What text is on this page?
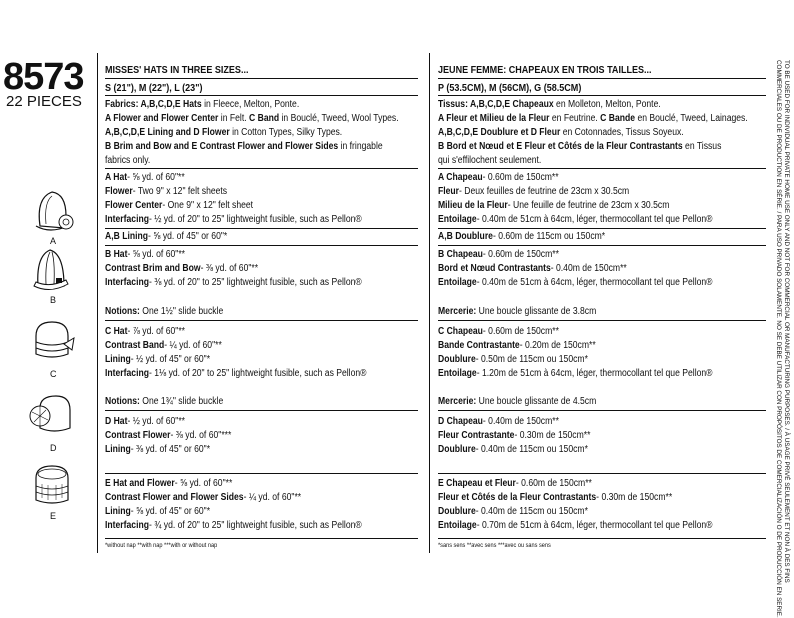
8573
22 PIECES
A
B
C
D
E
MISSES' HATS IN THREE SIZES...
S (21"), M (22"), L (23")
Fabrics: A,B,C,D,E Hats in Fleece, Melton, Ponte.
A Flower and Flower Center in Felt. C Band in Bouclé, Tweed, Wool Types.
A,B,C,D,E Lining and D Flower in Cotton Types, Silky Types.
B Brim and Bow and E Contrast Flower and Flower Sides in fringable
fabrics only.
A Hat- ⅝ yd. of 60"**
Flower- Two 9" x 12" felt sheets
Flower Center- One 9" x 12" felt sheet
Interfacing- ½ yd. of 20" to 25" lightweight fusible, such as Pellon®
A,B Lining- ⅝ yd. of 45" or 60"*
B Hat- ⅝ yd. of 60"**
Contrast Brim and Bow- ⅜ yd. of 60"**
Interfacing- ⅜ yd. of 20" to 25" lightweight fusible, such as Pellon®
Notions: One 1½" slide buckle
C Hat- ⅞ yd. of 60"**
Contrast Band- ¼ yd. of 60"**
Lining- ½ yd. of 45" or 60"*
Interfacing- 1⅛ yd. of 20" to 25" lightweight fusible, such as Pellon®
Notions: One 1¾" slide buckle
D Hat- ½ yd. of 60"**
Contrast Flower- ⅜ yd. of 60"***
Lining- ⅜ yd. of 45" or 60"*
E Hat and Flower- ⅝ yd. of 60"**
Contrast Flower and Flower Sides- ¼ yd. of 60"**
Lining- ⅝ yd. of 45" or 60"*
Interfacing- ¾ yd. of 20" to 25" lightweight fusible, such as Pellon®
*without nap **with nap ***with or without nap
JEUNE FEMME: CHAPEAUX EN TROIS TAILLES...
P (53.5CM), M (56CM), G (58.5CM)
Tissus: A,B,C,D,E Chapeaux en Molleton, Melton, Ponte.
A Fleur et Milieu de la Fleur en Feutrine. C Bande en Bouclé, Tweed, Lainages.
A,B,C,D,E Doublure et D Fleur en Cotonnades, Tissus Soyeux.
B Bord et Nœud et E Fleur et Côtés de la Fleur Contrastants en Tissus
qui s'effilochent seulement.
A Chapeau- 0.60m de 150cm**
Fleur- Deux feuilles de feutrine de 23cm x 30.5cm
Milieu de la Fleur- Une feuille de feutrine de 23cm x 30.5cm
Entoilage- 0.40m de 51cm à 64cm, léger, thermocollant tel que Pellon®
A,B Doublure- 0.60m de 115cm ou 150cm*
B Chapeau- 0.60m de 150cm**
Bord et Nœud Contrastants- 0.40m de 150cm**
Entoilage- 0.40m de 51cm à 64cm, léger, thermocollant tel que Pellon®
Mercerie: Une boucle glissante de 3.8cm
C Chapeau- 0.60m de 150cm**
Bande Contrastante- 0.20m de 150cm**
Doublure- 0.50m de 115cm ou 150cm*
Entoilage- 1.20m de 51cm à 64cm, léger, thermocollant tel que Pellon®
Mercerie: Une boucle glissante de 4.5cm
D Chapeau- 0.40m de 150cm**
Fleur Contrastante- 0.30m de 150cm**
Doublure- 0.40m de 115cm ou 150cm*
E Chapeau et Fleur- 0.60m de 150cm**
Fleur et Côtés de la Fleur Contrastants- 0.30m de 150cm**
Doublure- 0.40m de 115cm ou 150cm*
Entoilage- 0.70m de 51cm à 64cm, léger, thermocollant tel que Pellon®
*sans sens **avec sens ***avec ou sans sens	TO BE USED FOR INDIVIDUAL PRIVATE HOME USE ONLY AND NOT FOR COMMERCIAL OR MANUFACTURING PURPOSES. / À USAGE PRIVÉ SEULEMENT ET NON À DES FINS
COMMERCIALES OU DE PRODUCTION EN SÉRIE. / PARA USO PRIVADO SOLAMENTE. NO SE DEBE UTILIZAR CON PROPÓSITOS DE COMERCIALIZACIÓN O DE PRODUCCIÓN EN SERIE.
